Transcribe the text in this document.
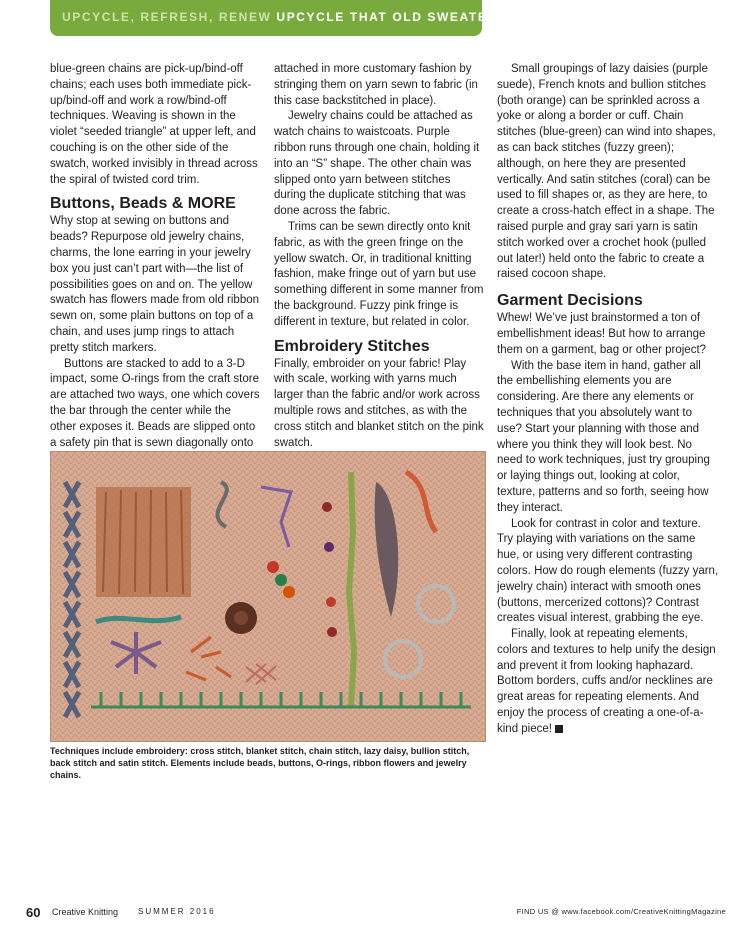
UPCYCLE, REFRESH, RENEW UPCYCLE THAT OLD SWEATER

blue-green chains are pick-up/bind-off chains; each uses both immediate pick-up/bind-off and work a row/bind-off techniques. Weaving is shown in the violet “seeded triangle” at upper left, and couching is on the other side of the swatch, worked invisibly in thread across the spiral of twisted cord trim.

Buttons, Beads & MORE

Why stop at sewing on buttons and beads? Repurpose old jewelry chains, charms, the lone earring in your jewelry box you just can’t part with—the list of possibilities goes on and on. The yellow swatch has flowers made from old ribbon sewn on, some plain buttons on top of a chain, and uses jump rings to attach pretty stitch markers.

Buttons are stacked to add to a 3-D impact, some O-rings from the craft store are attached two ways, one which covers the bar through the center while the other exposes it. Beads are slipped onto a safety pin that is sewn diagonally onto

attached in more customary fashion by stringing them on yarn sewn to fabric (in this case backstitched in place).

Jewelry chains could be attached as watch chains to waistcoats. Purple ribbon runs through one chain, holding it into an “S” shape. The other chain was slipped onto yarn between stitches during the duplicate stitching that was done across the fabric.

Trims can be sewn directly onto knit fabric, as with the green fringe on the yellow swatch. Or, in traditional knitting fashion, make fringe out of yarn but use something different in some manner from the background. Fuzzy pink fringe is different in texture, but related in color.

Embroidery Stitches

Finally, embroider on your fabric! Play with scale, working with yarns much larger than the fabric and/or work across multiple rows and stitches, as with the cross stitch and blanket stitch on the pink swatch.

Small groupings of lazy daisies (purple suede), French knots and bullion stitches (both orange) can be sprinkled across a yoke or along a border or cuff. Chain stitches (blue-green) can wind into shapes, as can back stitches (fuzzy green); although, on here they are presented vertically. And satin stitches (coral) can be used to fill shapes or, as they are here, to create a cross-hatch effect in a shape. The raised purple and gray sari yarn is satin stitch worked over a crochet hook (pulled out later!) held onto the fabric to create a raised cocoon shape.

Garment Decisions

Whew! We’ve just brainstormed a ton of embellishment ideas! But how to arrange them on a garment, bag or other project?

With the base item in hand, gather all the embellishing elements you are considering. Are there any elements or techniques that you absolutely want to use? Start your planning with those and where you think they will look best. No need to work techniques, just try grouping or laying things out, looking at color, texture, patterns and so forth, seeing how they interact.

Look for contrast in color and texture. Try playing with variations on the same hue, or using very different contrasting colors. How do rough elements (fuzzy yarn, jewelry chain) interact with smooth ones (buttons, mercerized cottons)? Contrast creates visual interest, grabbing the eye.

Finally, look at repeating elements, colors and textures to help unify the design and prevent it from looking haphazard. Bottom borders, cuffs and/or necklines are great areas for repeating elements. And enjoy the process of creating a one-of-a-kind piece!

Techniques include embroidery: cross stitch, blanket stitch, chain stitch, lazy daisy, bullion stitch, back stitch and satin stitch. Elements include beads, buttons, O-rings, ribbon flowers and jewelry chains.
60 Creative Knitting SUMMER 2016	FIND US @ www.facebook.com/CreativeKnittingMagazine
